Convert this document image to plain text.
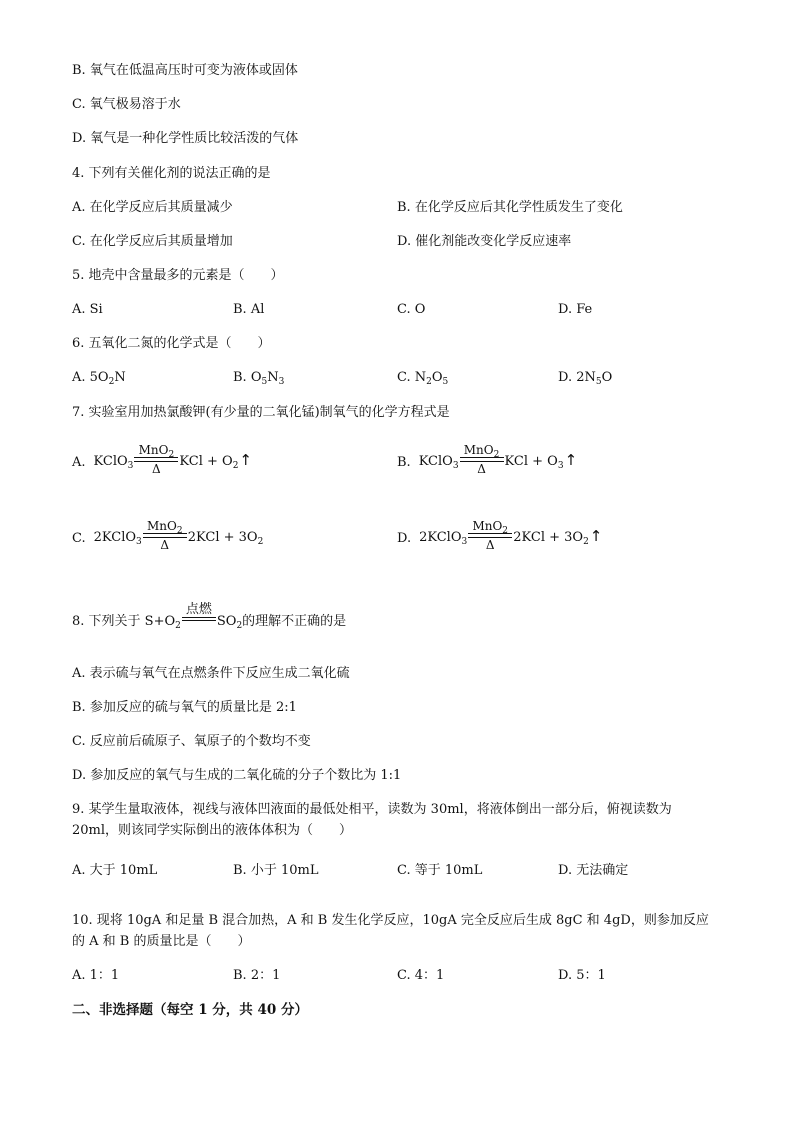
B. 氧气在低温高压时可变为液体或固体
C. 氧气极易溶于水
D. 氧气是一种化学性质比较活泼的气体
4. 下列有关催化剂的说法正确的是
A. 在化学反应后其质量减少	B. 在化学反应后其化学性质发生了变化
C. 在化学反应后其质量增加	D. 催化剂能改变化学反应速率
5. 地壳中含量最多的元素是（　　）
A. Si	B. Al	C. O	D. Fe
6. 五氧化二氮的化学式是（　　）
A. $5O_2N$	B. $O_5N_3$	C. $N_2O_5$	D. $2N_5O$
7. 实验室用加热氯酸钾(有少量的二氧化锰)制氧气的化学方程式是
A. KClO$_3$
MnO$_2$
Δ KCl + $O_2$ ↑	B. KClO$_3$
MnO$_2$
Δ KCl + $O_3$ ↑
C. 2KClO$_3$
MnO$_2$
Δ $2KCl + 3O_2$	D. 2KClO$_3$
MnO$_2$
Δ $2KCl + 3O_2$ ↑
8. 下列关于 $S+O_2$
点燃
$SO_2$的理解不正确的是
A. 表示硫与氧气在点燃条件下反应生成二氧化硫
B. 参加反应的硫与氧气的质量比是 2:1
C. 反应前后硫原子、氧原子的个数均不变
D. 参加反应的氧气与生成的二氧化硫的分子个数比为 1:1
9. 某学生量取液体，视线与液体凹液面的最低处相平，读数为 30ml，将液体倒出一部分后，俯视读数为
20ml，则该同学实际倒出的液体体积为（　　）
A. 大于 10mL	B. 小于 10mL	C. 等于 10mL	D. 无法确定
10. 现将 10gA 和足量 B 混合加热，A 和 B 发生化学反应，10gA 完全反应后生成 8gC 和 4gD，则参加反应
的 A 和 B 的质量比是（　　）
A. 1：1	B. 2：1	C. 4：1	D. 5：1
二、非选择题（每空 1 分，共 40 分）
